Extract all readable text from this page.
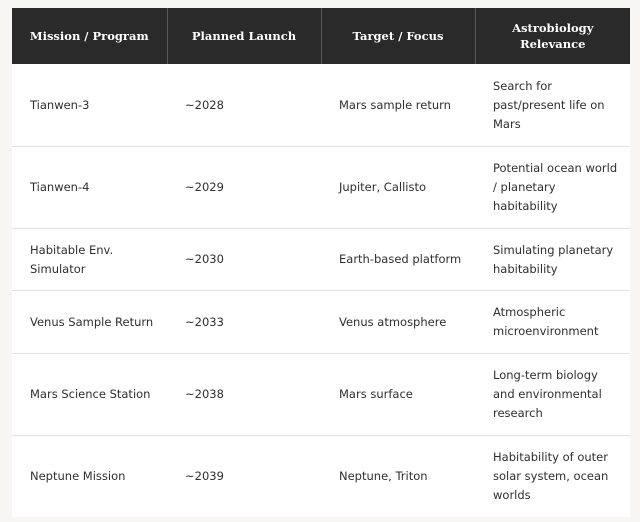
Mission / Program	Planned Launch	Target / Focus	Astrobiology Relevance
Tianwen-3	~2028	Mars sample return	Search for past/present life on Mars
Tianwen-4	~2029	Jupiter, Callisto	Potential ocean world / planetary habitability
Habitable Env. Simulator	~2030	Earth-based platform	Simulating planetary habitability
Venus Sample Return	~2033	Venus atmosphere	Atmospheric microenvironment
Mars Science Station	~2038	Mars surface	Long-term biology and environmental research
Neptune Mission	~2039	Neptune, Triton	Habitability of outer solar system, ocean worlds
